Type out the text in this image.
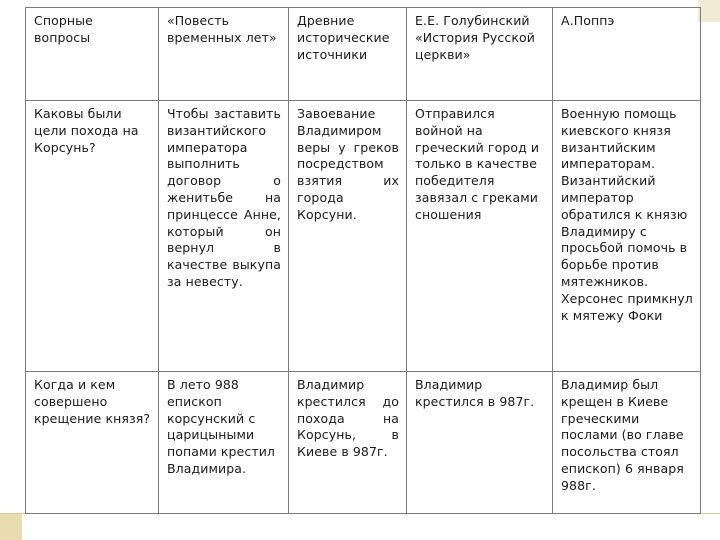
Спорные вопросы	«Повесть временных лет»	Древние исторические источники	Е.Е. Голубинский «История Русской церкви»	А.Поппэ
Каковы были цели похода на Корсунь?	Чтобы заставить византийского императора выполнить договор о женитьбе на принцессе Анне, который он вернул в качестве выкупа за невесту.	Завоевание Владимиром веры у греков посредством взятия их города Корсуни.	Отправился войной на греческий город и только в качестве победителя завязал с греками сношения	Военную помощь киевского князя византийским императорам. Византийский император обратился к князю Владимиру с просьбой помочь в борьбе против мятежников. Херсонес примкнул к мятежу Фоки
Когда и кем совершено крещение князя?	В лето 988 епископ корсунский с царицыными попами крестил Владимира.	Владимир крестился до похода на Корсунь, в Киеве в 987г.	Владимир крестился в 987г.	Владимир был крещен в Киеве греческими послами (во главе посольства стоял епископ) 6 января 988г.
